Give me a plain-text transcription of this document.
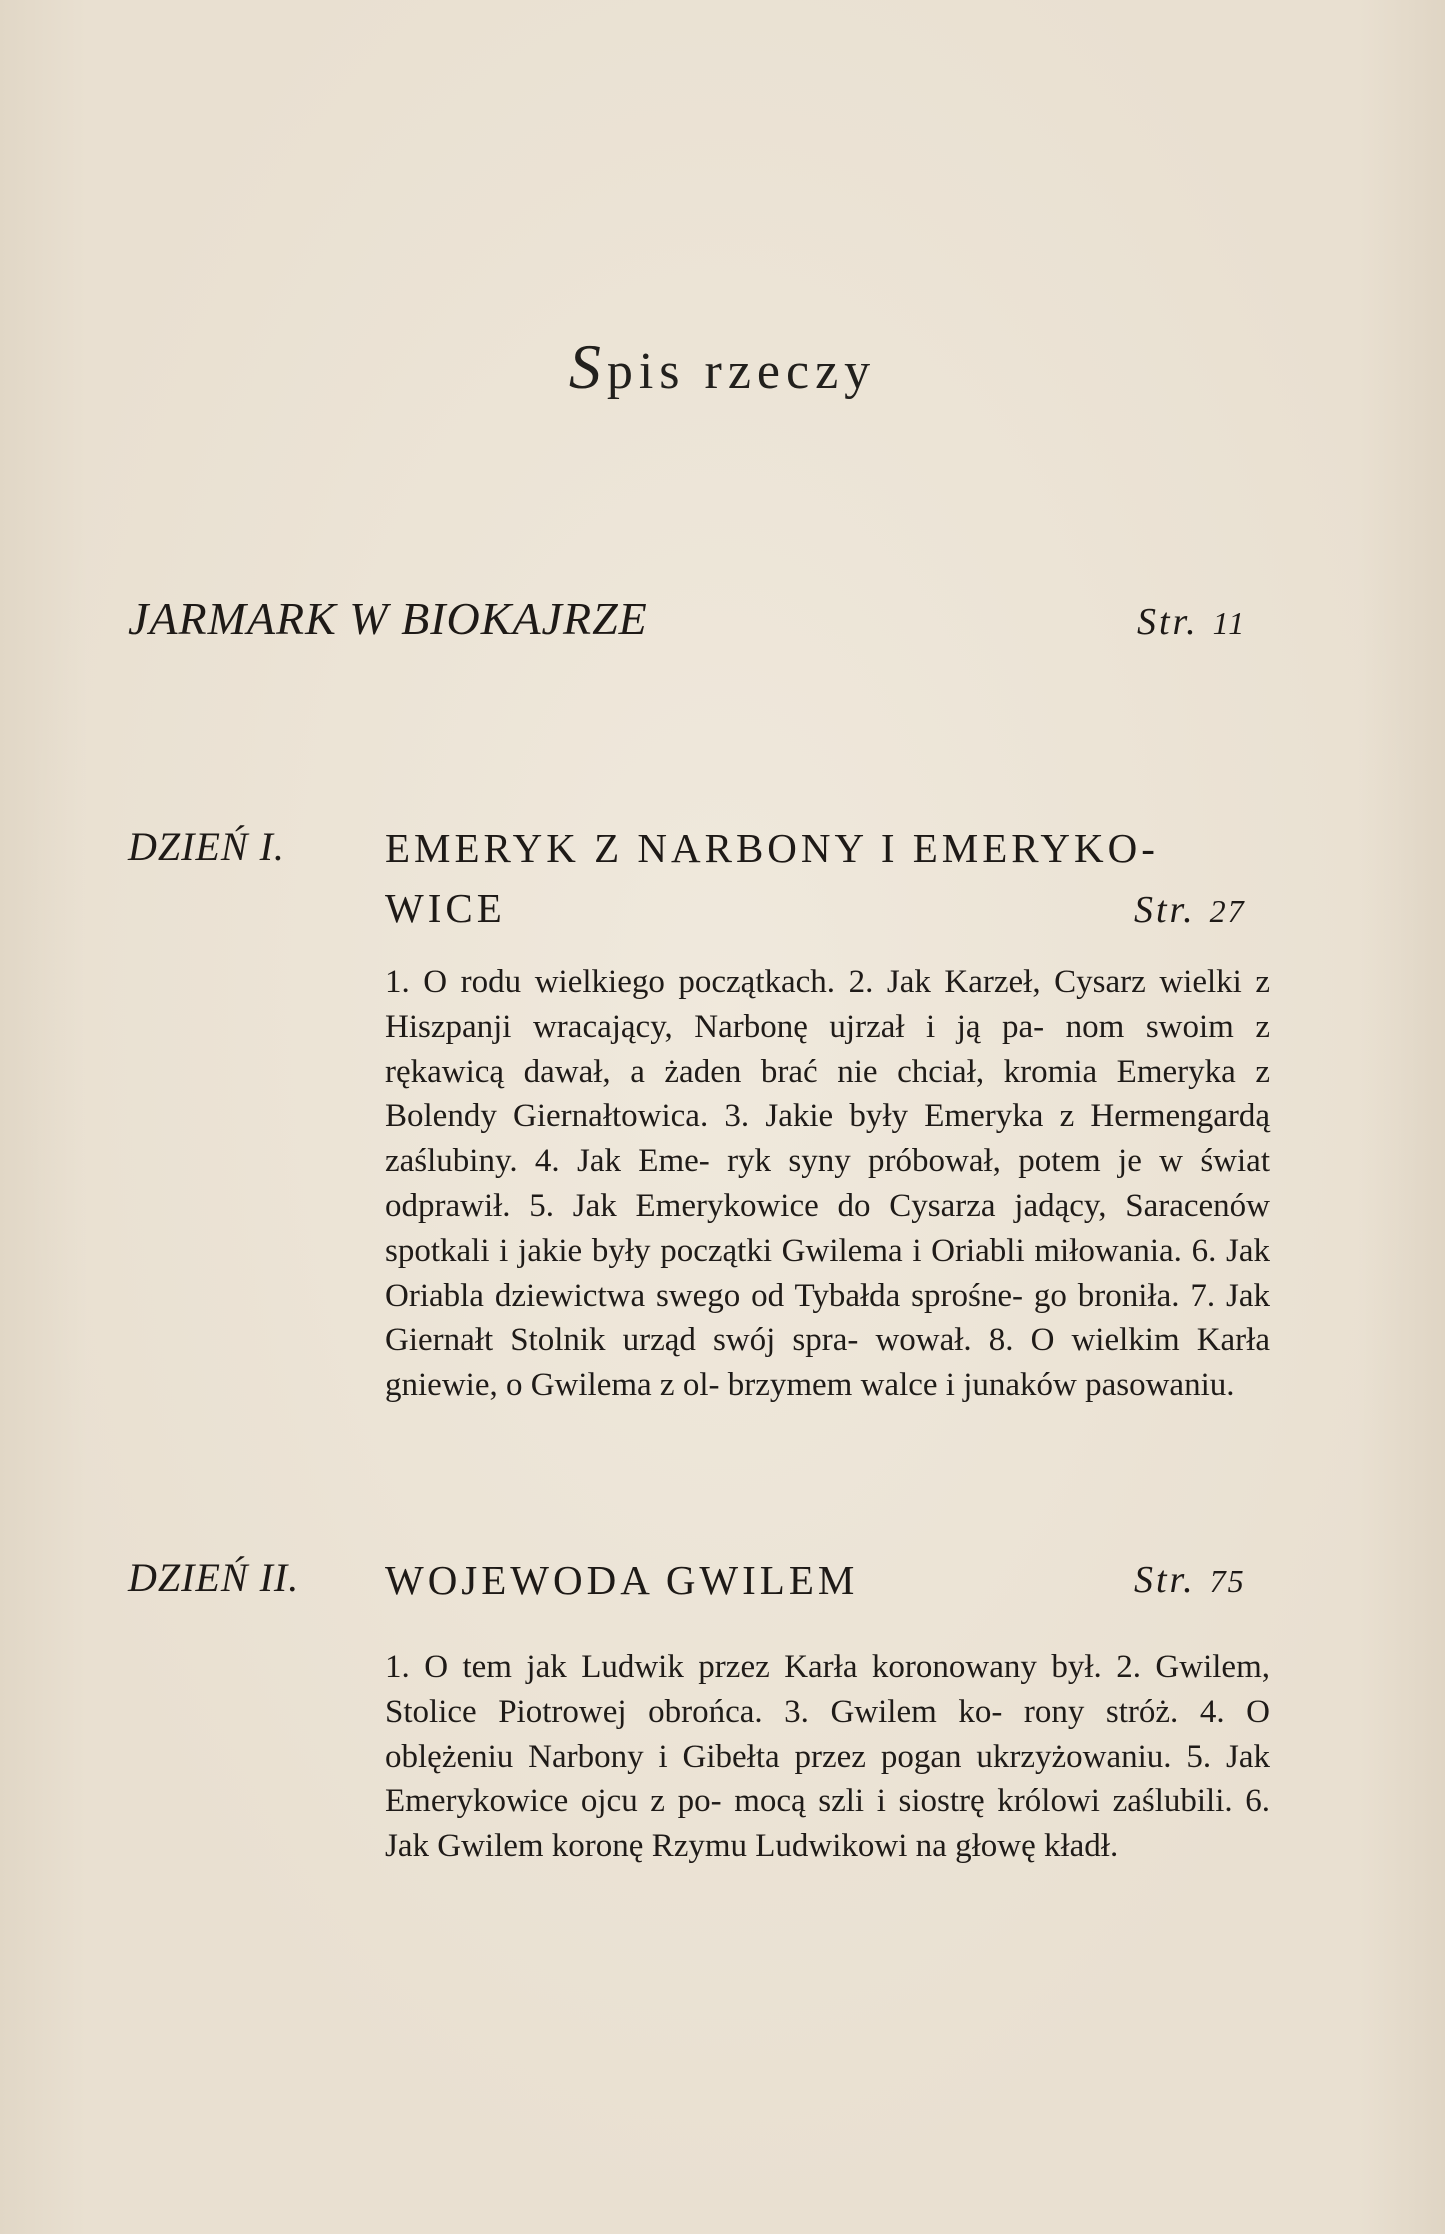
Spis rzeczy
JARMARK W BIOKAJRZE	Str. 11
DZIEŃ I. EMERYK Z NARBONY I EMERYKO-
WICE	Str. 27
1. O rodu wielkiego początkach. 2. Jak Karzeł, Cysarz wielki z Hiszpanji wracający, Narbonę ujrzał i ją pa- nom swoim z rękawicą dawał, a żaden brać nie chciał, kromia Emeryka z Bolendy Giernałtowica. 3. Jakie były Emeryka z Hermengardą zaślubiny. 4. Jak Eme- ryk syny próbował, potem je w świat odprawił. 5. Jak Emerykowice do Cysarza jadący, Saracenów spotkali i jakie były początki Gwilema i Oriabli miłowania. 6. Jak Oriabla dziewictwa swego od Tybałda sprośne- go broniła. 7. Jak Giernałt Stolnik urząd swój spra- wował. 8. O wielkim Karła gniewie, o Gwilema z ol- brzymem walce i junaków pasowaniu.
DZIEŃ II. WOJEWODA GWILEM	Str. 75
1. O tem jak Ludwik przez Karła koronowany był. 2. Gwilem, Stolice Piotrowej obrońca. 3. Gwilem ko- rony stróż. 4. O oblężeniu Narbony i Gibełta przez pogan ukrzyżowaniu. 5. Jak Emerykowice ojcu z po- mocą szli i siostrę królowi zaślubili. 6. Jak Gwilem koronę Rzymu Ludwikowi na głowę kładł.
